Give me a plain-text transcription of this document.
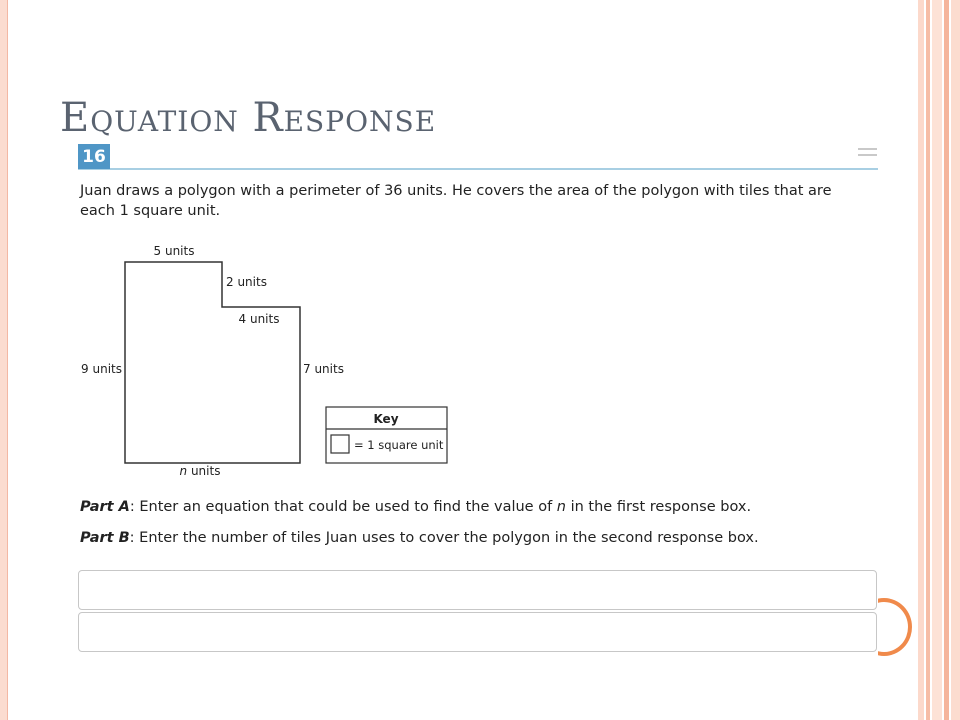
Equation Response
16
Juan draws a polygon with a perimeter of 36 units. He covers the area of the polygon with tiles that are each 1 square unit.
5 units
2 units
4 units
9 units	7 units
n units
Key
= 1 square unit
Part A: Enter an equation that could be used to find the value of n in the first response box.
Part B: Enter the number of tiles Juan uses to cover the polygon in the second response box.
